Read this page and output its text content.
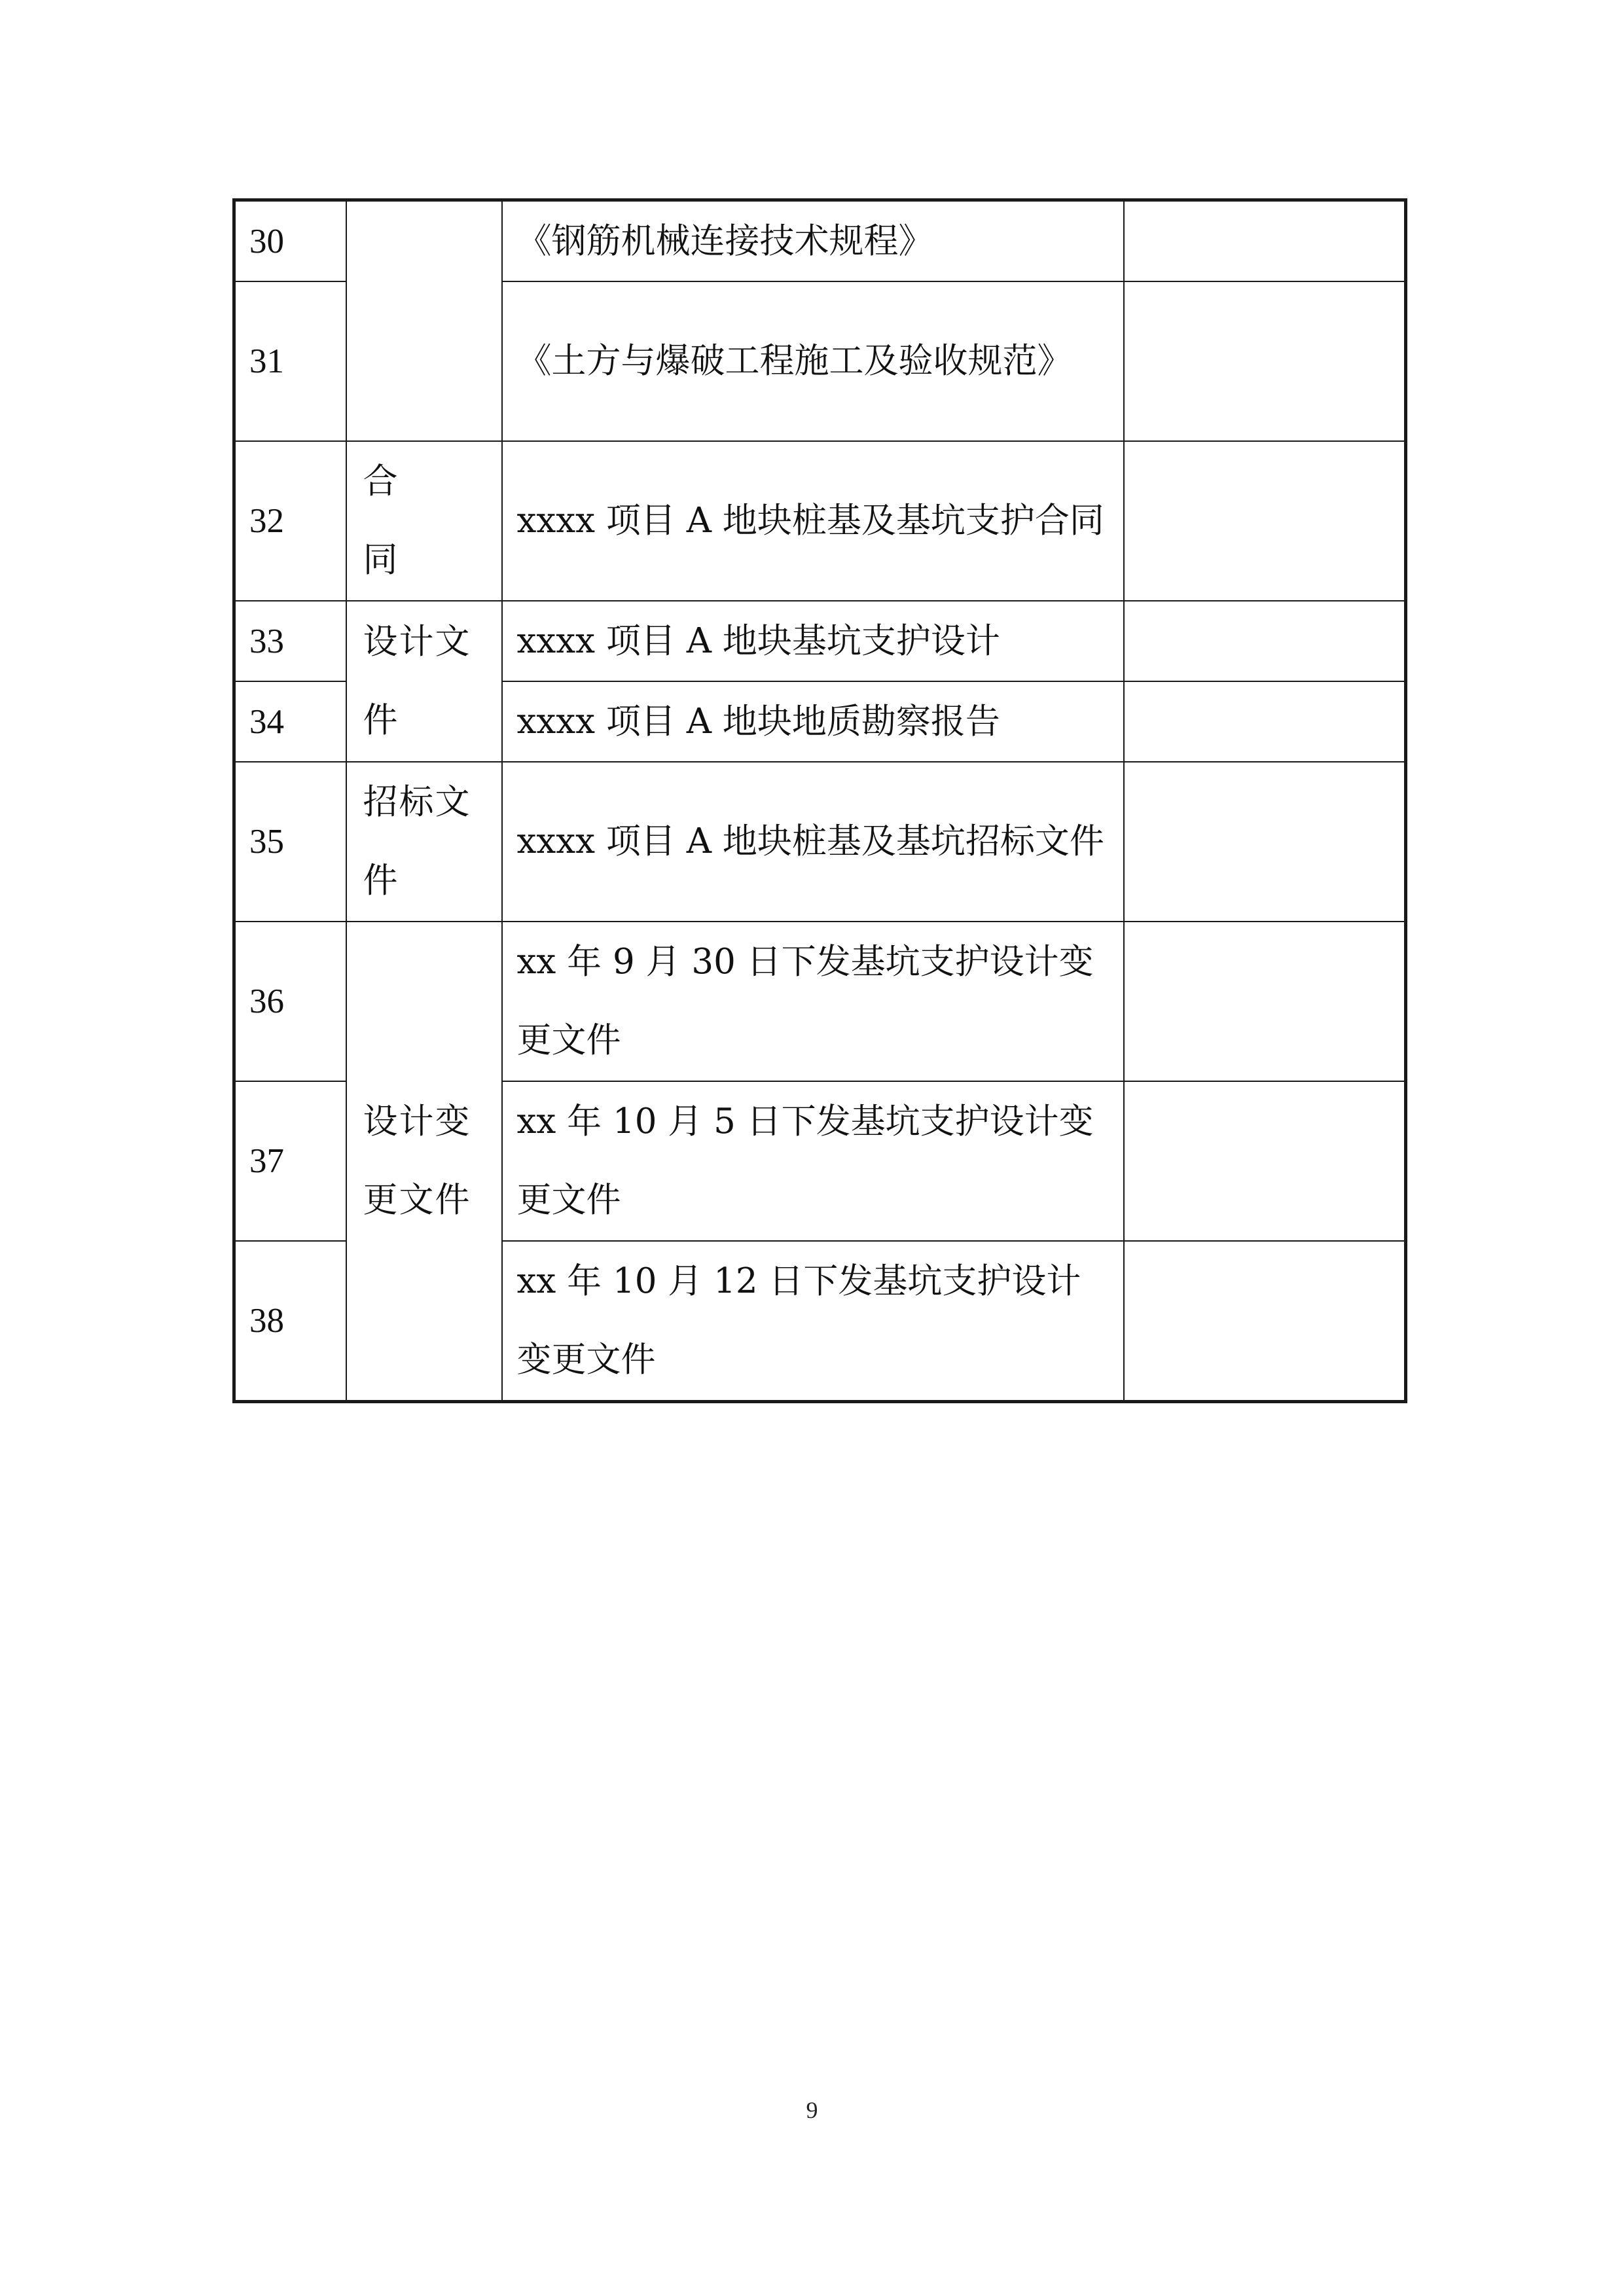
30		《钢筋机械连接技术规程》	
31		《土方与爆破工程施工及验收规范》	
32	合 同	xxxx 项目 A 地块桩基及基坑支护合同	
33	设计文件	xxxx 项目 A 地块基坑支护设计	
34		xxxx 项目 A 地块地质勘察报告	
35	招标文件	xxxx 项目 A 地块桩基及基坑招标文件	
36	设计变更文件	xx 年 9 月 30 日下发基坑支护设计变更文件	
37		xx 年 10 月 5 日下发基坑支护设计变更文件	
38		xx 年 10 月 12 日下发基坑支护设计变更文件	
9
